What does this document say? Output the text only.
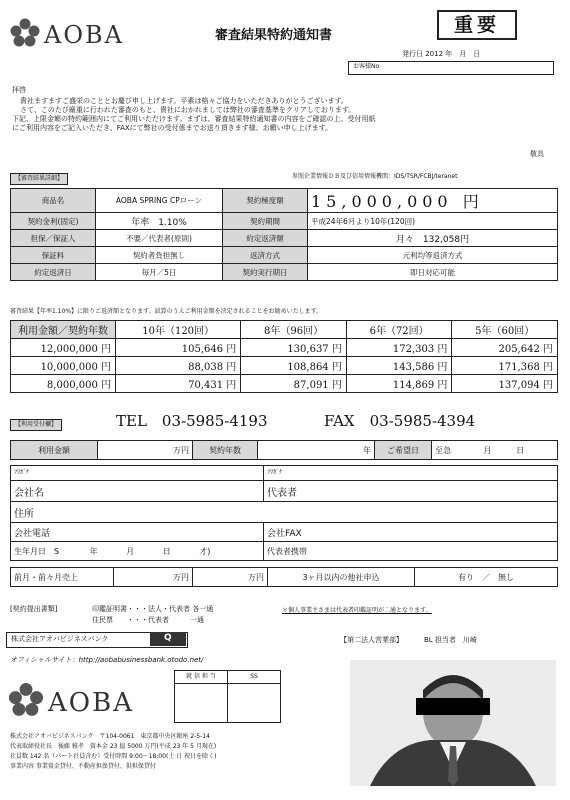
AOBA	審査結果特約通知書	重要
発行日 2012 年　月　日
お客様No
拝啓
貴社ますますご盛栄のこととお慶び申し上げます。平素は格々ご協力をいただきありがとうございます。
さて、このたび厳重に行われた審査のもと、貴社におかれましては弊社の審査基準をクリアしております。
下記、上限金額の特約範囲内にてご利用いただけます。まずは、審査結果特約通知書の内容をご確認の上、受付用紙
にご利用内容をご記入いただき、FAXにて弊社の受付係までお送り頂きます様、お願い申し上げます。
敬具
【審査結果詳細】	参照企業情報ＤＢ及び信用情報機関：IDS/TSR/FCBJ/teranet
商品名	AOBA SPRING CPローン	契約極度額	15,000,000 円
契約金利(固定)	年率　1.10%	契約期間	平成24年6月より10年(120回)
担保／保証人	不要／代表者(原則)	約定返済額	月々　132,058円
保証料	契約者負担無し	返済方式	元利均等返済方式
約定返済日	毎月／5日	契約実行期日	即日対応可能
審査結果【年率1.10%】に限りご返済額となります。試算のうえご利用金額を決定されることをお勧めいたします。
利用金額／契約年数	10年（120回）	8年（96回）	6年（72回）	5年（60回）
12,000,000 円	105,646 円	130,637 円	172,303 円	205,642 円
10,000,000 円	88,038 円	108,864 円	143,586 円	171,368 円
8,000,000 円	70,431 円	87,091 円	114,869 円	137,094 円
【利用受付欄】	TEL　03-5985-4193	FAX　03-5985-4394
利用金額	万円	契約年数	年	ご希望日	至急	月	日
ﾌﾘｶﾞﾅ	ﾌﾘｶﾞﾅ
会社名	代表者
住所	
会社電話	会社FAX
生年月日　S 年 月 日 才)	代表者携帯
前月・前々月売上	万円	万円	3ヶ月以内の他社申込	有り　／　無し
[契約提出書類]	印鑑証明書・・・法人・代表者 各一通
住民票　　・・・代表者　　　一通
＊個人事業主さまは代表者印鑑証明が二通となります。
株式会社アオバビジネスバンク	Q	【第二法人営業部】	BL 担当者　川崎
オフィシャルサイト：http://aobabusinessbank.otodo.net/
就 信 担 当	SS

AOBA
株式会社アオバビジネスバンク　〒104-0061　東京都中央区銀座 2-5-14
代表取締役社長　後藤 雅孝　資本金 23 億 5000 万円(平成 23 年 5 月現在)
社員数 142 名（パート社員含む）受付時間 9:00〜18:00(土 日 祝日を除く)
事業内容 事業資金貸付、不動産担保貸付、供担保貸付
